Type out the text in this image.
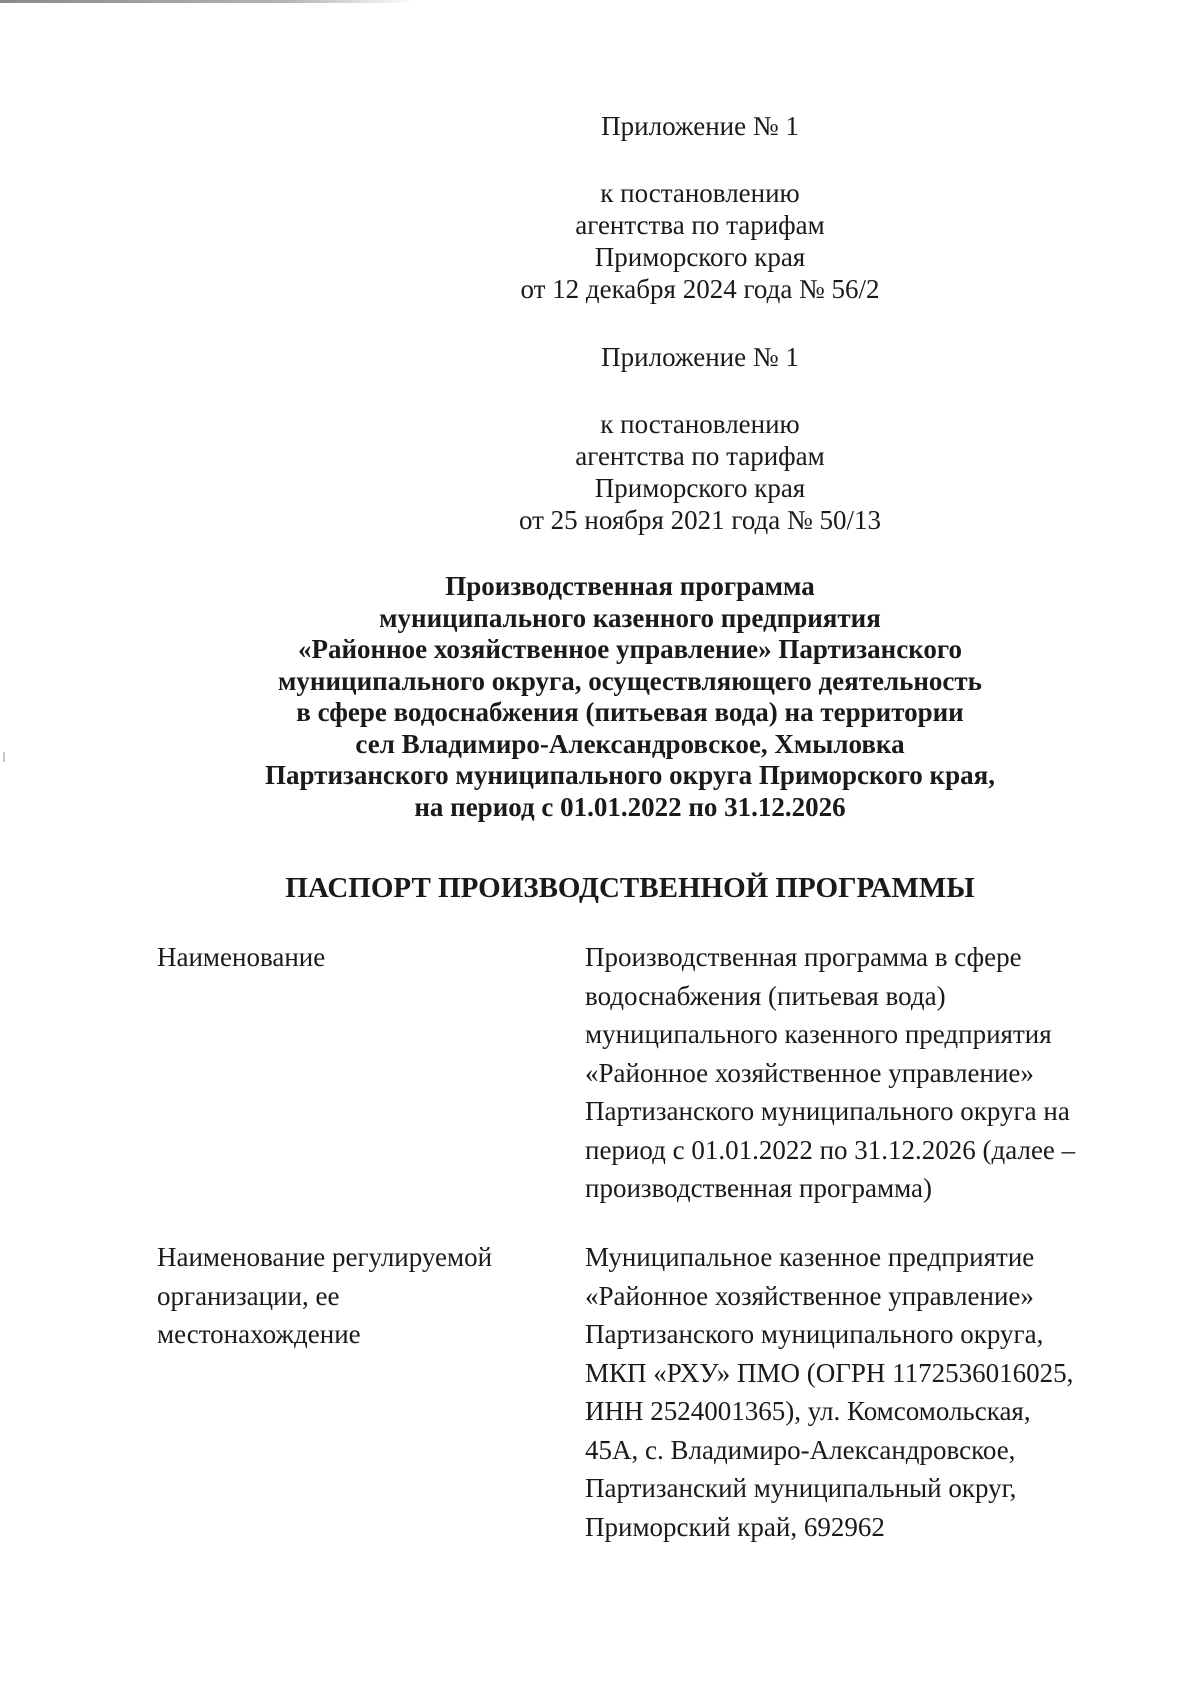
Приложение № 1
к постановлению
агентства по тарифам
Приморского края
от 12 декабря 2024 года № 56/2
Приложение № 1
к постановлению
агентства по тарифам
Приморского края
от 25 ноября 2021 года № 50/13
Производственная программа
муниципального казенного предприятия
«Районное хозяйственное управление» Партизанского
муниципального округа, осуществляющего деятельность
в сфере водоснабжения (питьевая вода) на территории
сел Владимиро-Александровское, Хмыловка
Партизанского муниципального округа Приморского края,
на период с 01.01.2022 по 31.12.2026
ПАСПОРТ ПРОИЗВОДСТВЕННОЙ ПРОГРАММЫ
Наименование	Производственная программа в сфере
водоснабжения (питьевая вода)
муниципального казенного предприятия
«Районное хозяйственное управление»
Партизанского муниципального округа на
период с 01.01.2022 по 31.12.2026 (далее –
производственная программа)
Наименование регулируемой
организации, ее
местонахождение
Муниципальное казенное предприятие
«Районное хозяйственное управление»
Партизанского муниципального округа,
МКП «РХУ» ПМО (ОГРН 1172536016025,
ИНН 2524001365), ул. Комсомольская,
45А, с. Владимиро-Александровское,
Партизанский муниципальный округ,
Приморский край, 692962
